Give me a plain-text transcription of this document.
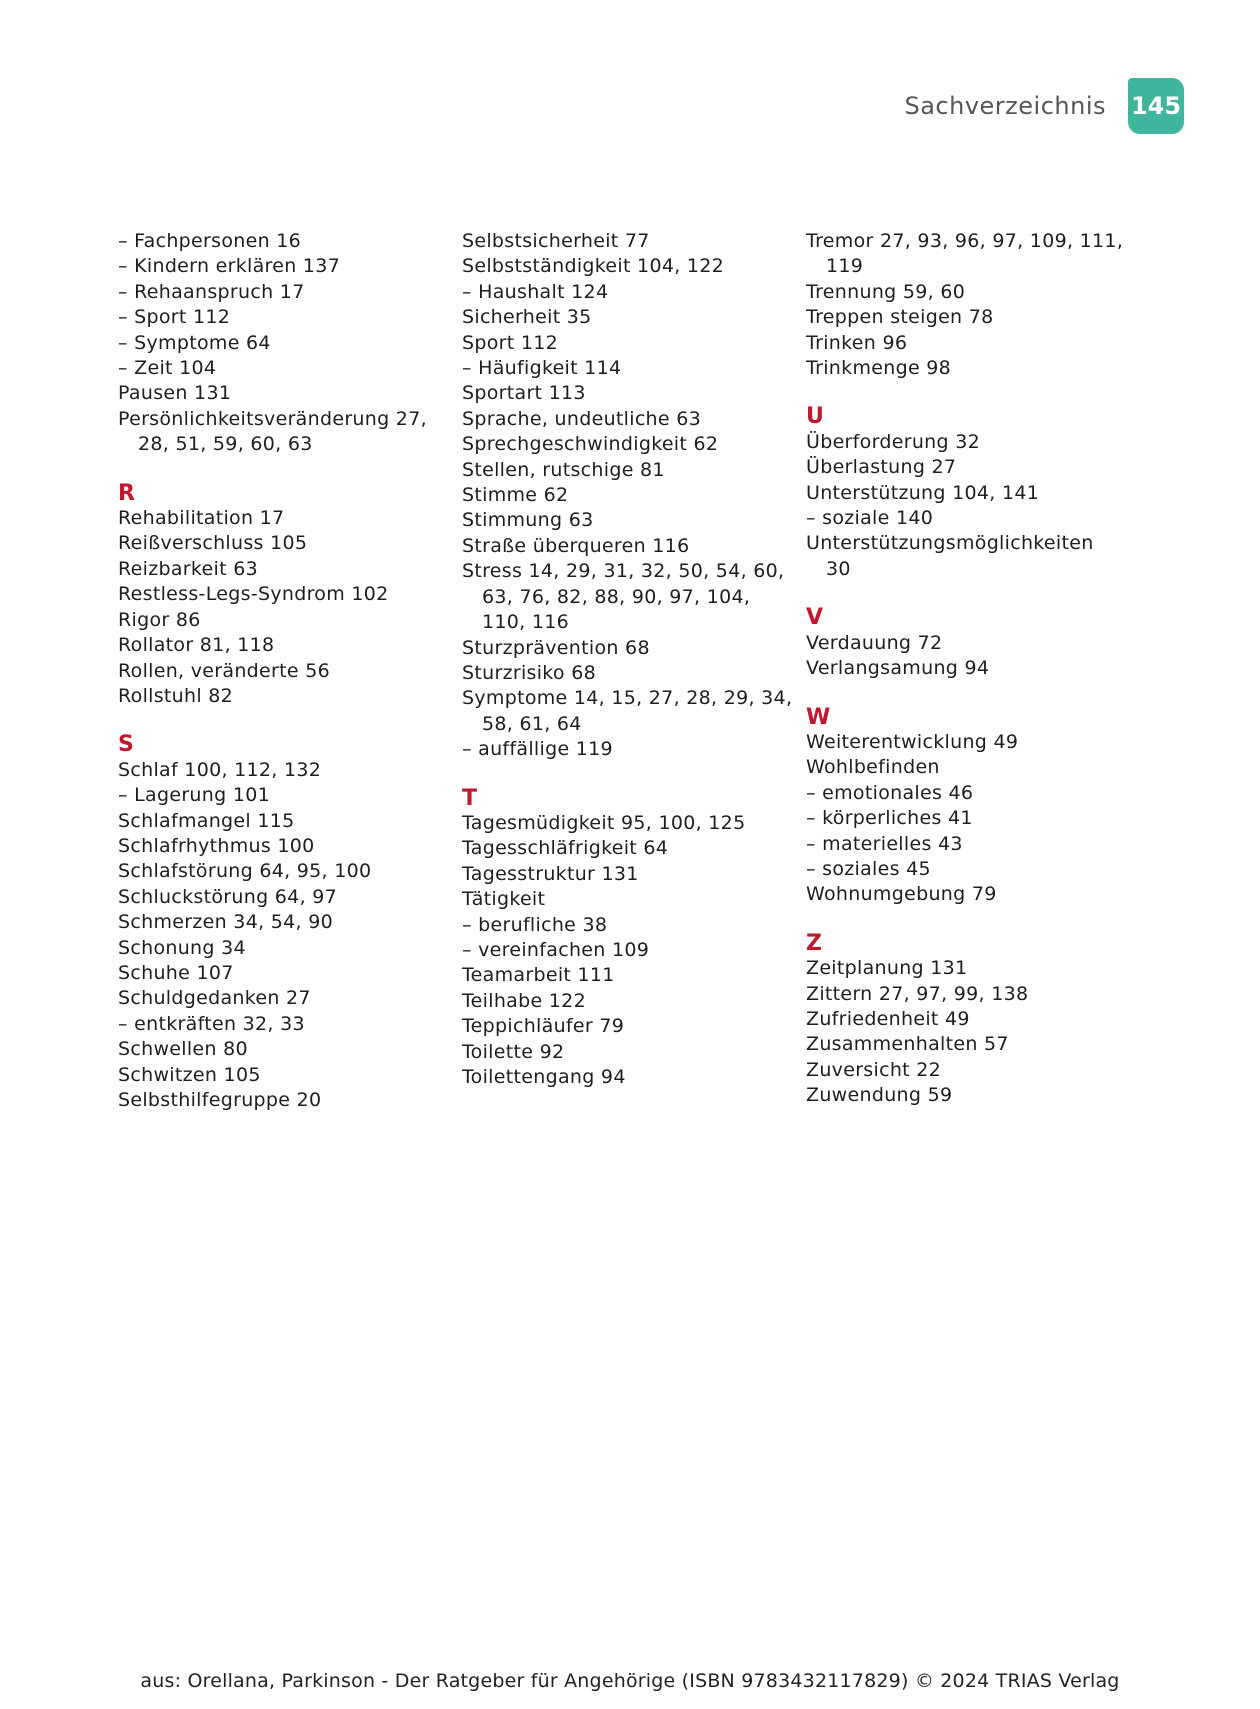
Sachverzeichnis 145
– Fachpersonen 16
– Kindern erklären 137
– Rehaanspruch 17
– Sport 112
– Symptome 64
– Zeit 104
Pausen 131
Persönlichkeitsveränderung 27,
28, 51, 59, 60, 63
R
Rehabilitation 17
Reißverschluss 105
Reizbarkeit 63
Restless-Legs-Syndrom 102
Rigor 86
Rollator 81, 118
Rollen, veränderte 56
Rollstuhl 82
S
Schlaf 100, 112, 132
– Lagerung 101
Schlafmangel 115
Schlafrhythmus 100
Schlafstörung 64, 95, 100
Schluckstörung 64, 97
Schmerzen 34, 54, 90
Schonung 34
Schuhe 107
Schuldgedanken 27
– entkräften 32, 33
Schwellen 80
Schwitzen 105
Selbsthilfegruppe 20
Selbstsicherheit 77
Selbstständigkeit 104, 122
– Haushalt 124
Sicherheit 35
Sport 112
– Häufigkeit 114
Sportart 113
Sprache, undeutliche 63
Sprechgeschwindigkeit 62
Stellen, rutschige 81
Stimme 62
Stimmung 63
Straße überqueren 116
Stress 14, 29, 31, 32, 50, 54, 60,
63, 76, 82, 88, 90, 97, 104,
110, 116
Sturzprävention 68
Sturzrisiko 68
Symptome 14, 15, 27, 28, 29, 34,
58, 61, 64
– auffällige 119
T
Tagesmüdigkeit 95, 100, 125
Tagesschläfrigkeit 64
Tagesstruktur 131
Tätigkeit
– berufliche 38
– vereinfachen 109
Teamarbeit 111
Teilhabe 122
Teppichläufer 79
Toilette 92
Toilettengang 94
Tremor 27, 93, 96, 97, 109, 111,
119
Trennung 59, 60
Treppen steigen 78
Trinken 96
Trinkmenge 98
U
Überforderung 32
Überlastung 27
Unterstützung 104, 141
– soziale 140
Unterstützungsmöglichkeiten
30
V
Verdauung 72
Verlangsamung 94
W
Weiterentwicklung 49
Wohlbefinden
– emotionales 46
– körperliches 41
– materielles 43
– soziales 45
Wohnumgebung 79
Z
Zeitplanung 131
Zittern 27, 97, 99, 138
Zufriedenheit 49
Zusammenhalten 57
Zuversicht 22
Zuwendung 59
aus: Orellana, Parkinson - Der Ratgeber für Angehörige (ISBN 9783432117829) © 2024 TRIAS Verlag
